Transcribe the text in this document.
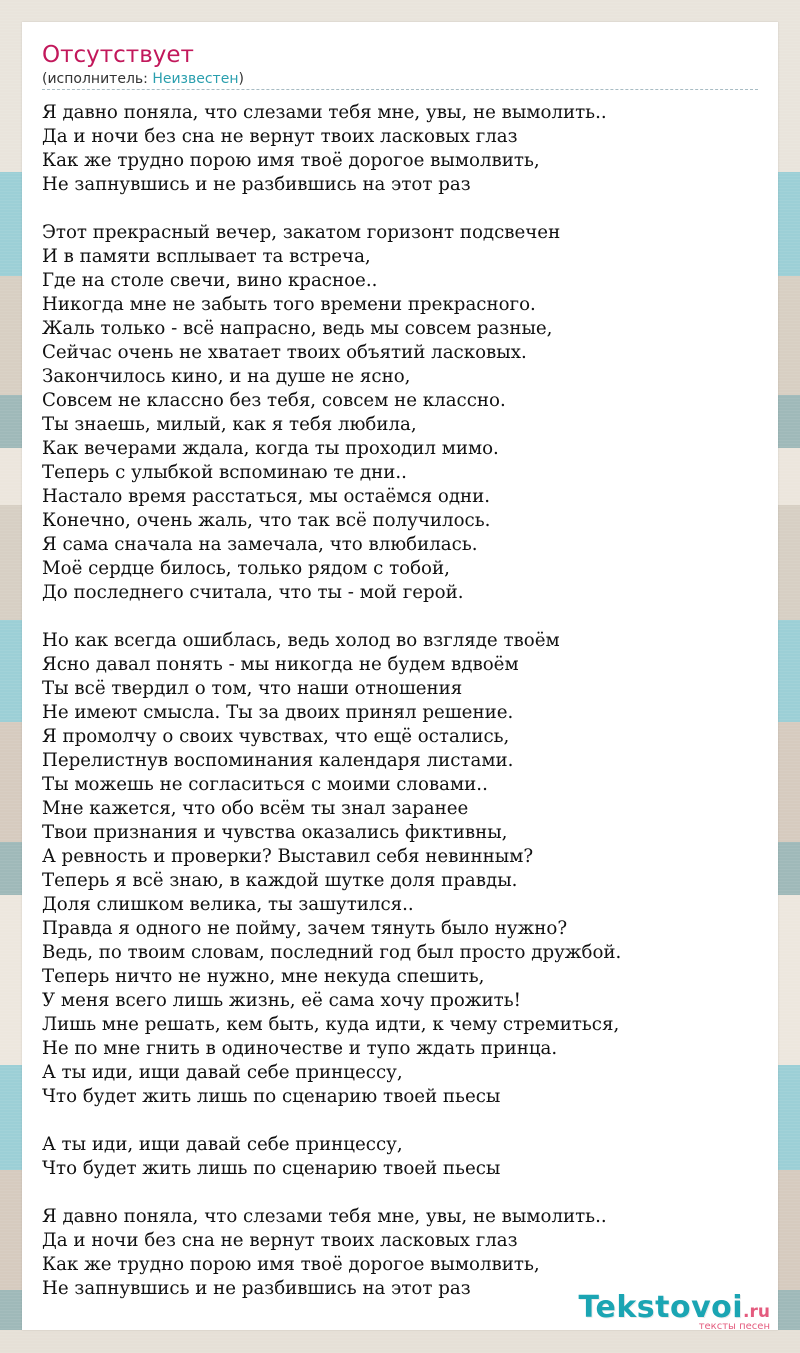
Отсутствует
(исполнитель: Неизвестен)
Я давно поняла, что слезами тебя мне, увы, не вымолить..
Да и ночи без сна не вернут твоих ласковых глаз
Как же трудно порою имя твоё дорогое вымолвить,
Не запнувшись и не разбившись на этот раз
Этот прекрасный вечер, закатом горизонт подсвечен
И в памяти всплывает та встреча,
Где на столе свечи, вино красное..
Никогда мне не забыть того времени прекрасного.
Жаль только - всё напрасно, ведь мы совсем разные,
Сейчас очень не хватает твоих объятий ласковых.
Закончилось кино, и на душе не ясно,
Совсем не классно без тебя, совсем не классно.
Ты знаешь, милый, как я тебя любила,
Как вечерами ждала, когда ты проходил мимо.
Теперь с улыбкой вспоминаю те дни..
Настало время расстаться, мы остаёмся одни.
Конечно, очень жаль, что так всё получилось.
Я сама сначала на замечала, что влюбилась.
Моё сердце билось, только рядом с тобой,
До последнего считала, что ты - мой герой.
Но как всегда ошиблась, ведь холод во взгляде твоём
Ясно давал понять - мы никогда не будем вдвоём
Ты всё твердил о том, что наши отношения
Не имеют смысла. Ты за двоих принял решение.
Я промолчу о своих чувствах, что ещё остались,
Перелистнув воспоминания календаря листами.
Ты можешь не согласиться с моими словами..
Мне кажется, что обо всём ты знал заранее
Твои признания и чувства оказались фиктивны,
А ревность и проверки? Выставил себя невинным?
Теперь я всё знаю, в каждой шутке доля правды.
Доля слишком велика, ты зашутился..
Правда я одного не пойму, зачем тянуть было нужно?
Ведь, по твоим словам, последний год был просто дружбой.
Теперь ничто не нужно, мне некуда спешить,
У меня всего лишь жизнь, её сама хочу прожить!
Лишь мне решать, кем быть, куда идти, к чему стремиться,
Не по мне гнить в одиночестве и тупо ждать принца.
А ты иди, ищи давай себе принцессу,
Что будет жить лишь по сценарию твоей пьесы
А ты иди, ищи давай себе принцессу,
Что будет жить лишь по сценарию твоей пьесы
Я давно поняла, что слезами тебя мне, увы, не вымолить..
Да и ночи без сна не вернут твоих ласковых глаз
Как же трудно порою имя твоё дорогое вымолвить,
Не запнувшись и не разбившись на этот раз
Tekstovoi.ru
тексты песен
